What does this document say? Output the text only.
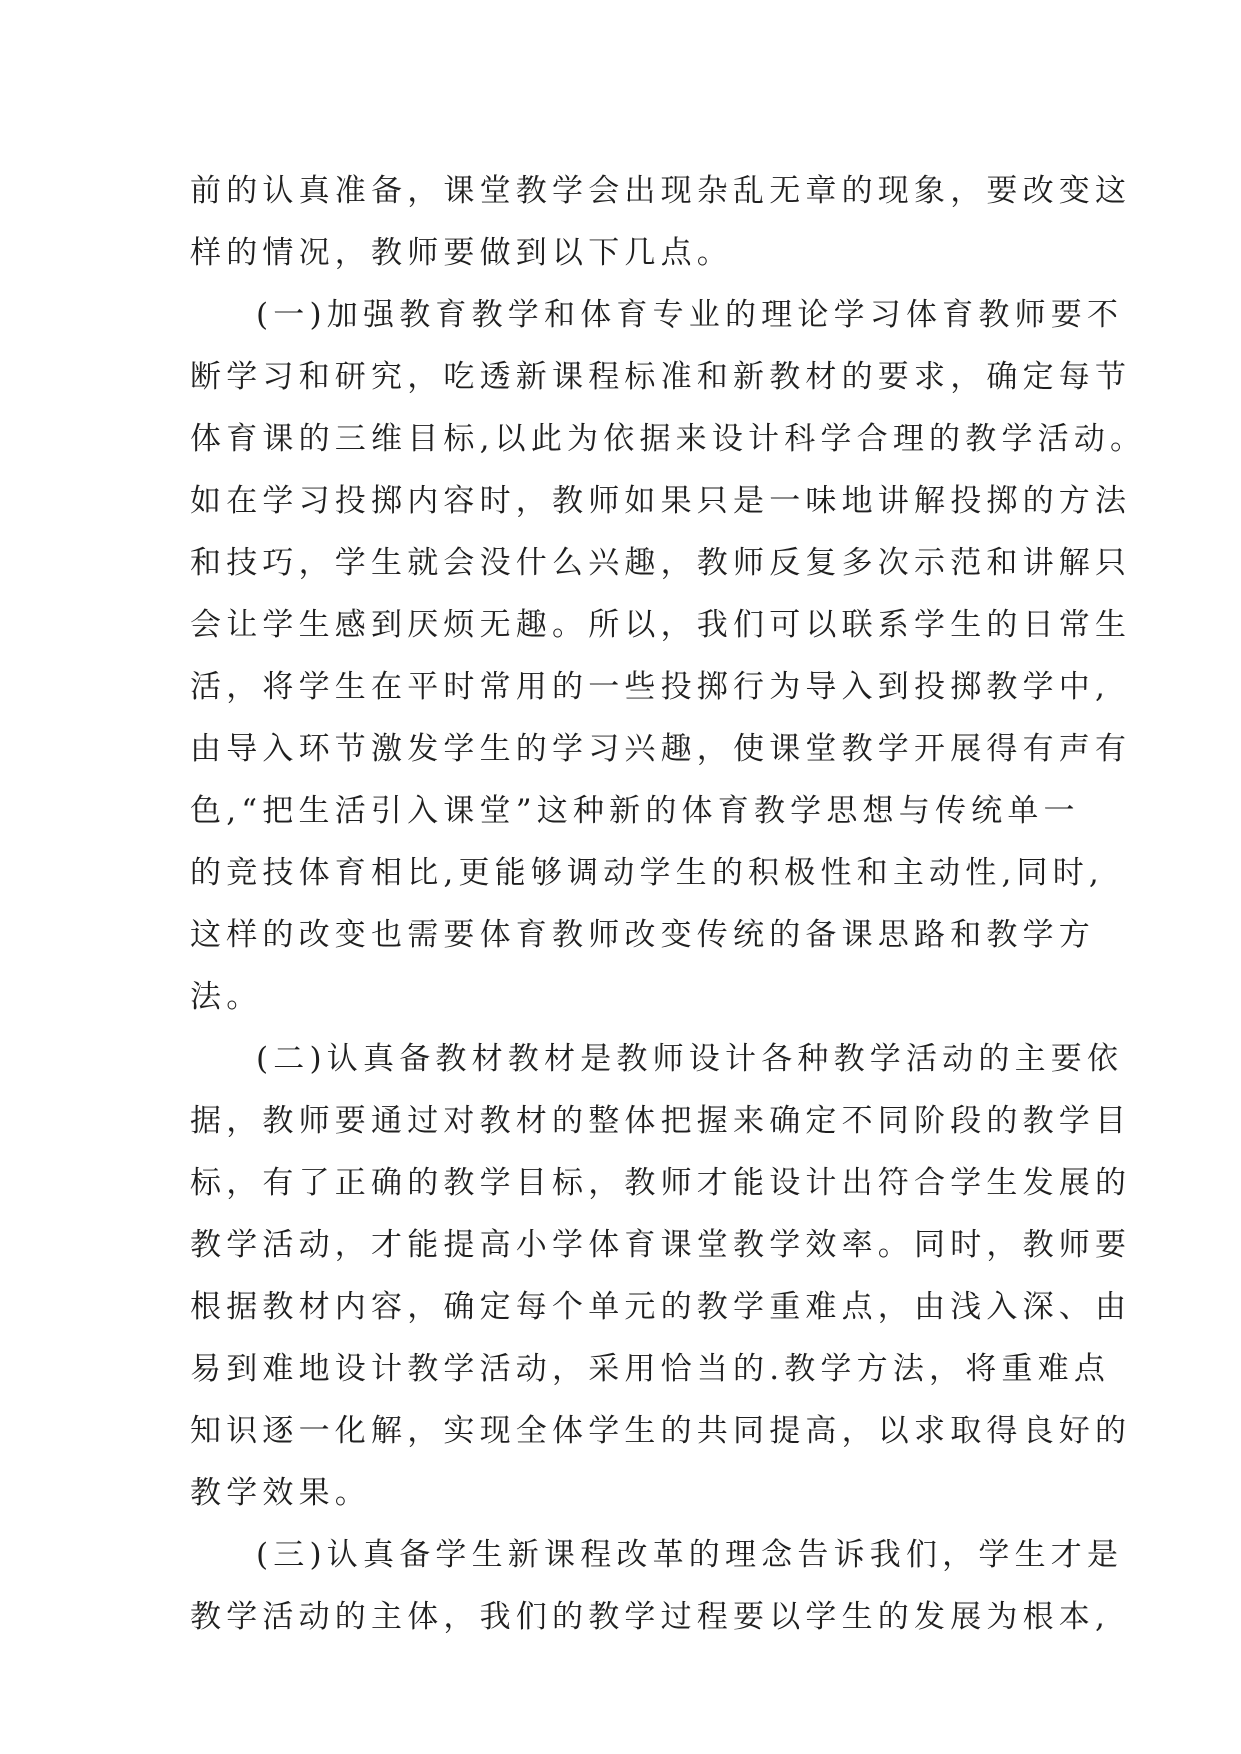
前的认真准备，课堂教学会出现杂乱无章的现象，要改变这
样的情况，教师要做到以下几点。
(一)加强教育教学和体育专业的理论学习体育教师要不
断学习和研究，吃透新课程标准和新教材的要求，确定每节
体育课的三维目标,以此为依据来设计科学合理的教学活动。
如在学习投掷内容时，教师如果只是一味地讲解投掷的方法
和技巧，学生就会没什么兴趣，教师反复多次示范和讲解只
会让学生感到厌烦无趣。所以，我们可以联系学生的日常生
活，将学生在平时常用的一些投掷行为导入到投掷教学中,
由导入环节激发学生的学习兴趣，使课堂教学开展得有声有
色,“把生活引入课堂”这种新的体育教学思想与传统单一
的竞技体育相比,更能够调动学生的积极性和主动性,同时,
这样的改变也需要体育教师改变传统的备课思路和教学方
法。
(二)认真备教材教材是教师设计各种教学活动的主要依
据，教师要通过对教材的整体把握来确定不同阶段的教学目
标，有了正确的教学目标，教师才能设计出符合学生发展的
教学活动，才能提高小学体育课堂教学效率。同时，教师要
根据教材内容，确定每个单元的教学重难点，由浅入深、由
易到难地设计教学活动，采用恰当的.教学方法，将重难点
知识逐一化解，实现全体学生的共同提高，以求取得良好的
教学效果。
(三)认真备学生新课程改革的理念告诉我们，学生才是
教学活动的主体，我们的教学过程要以学生的发展为根本,
